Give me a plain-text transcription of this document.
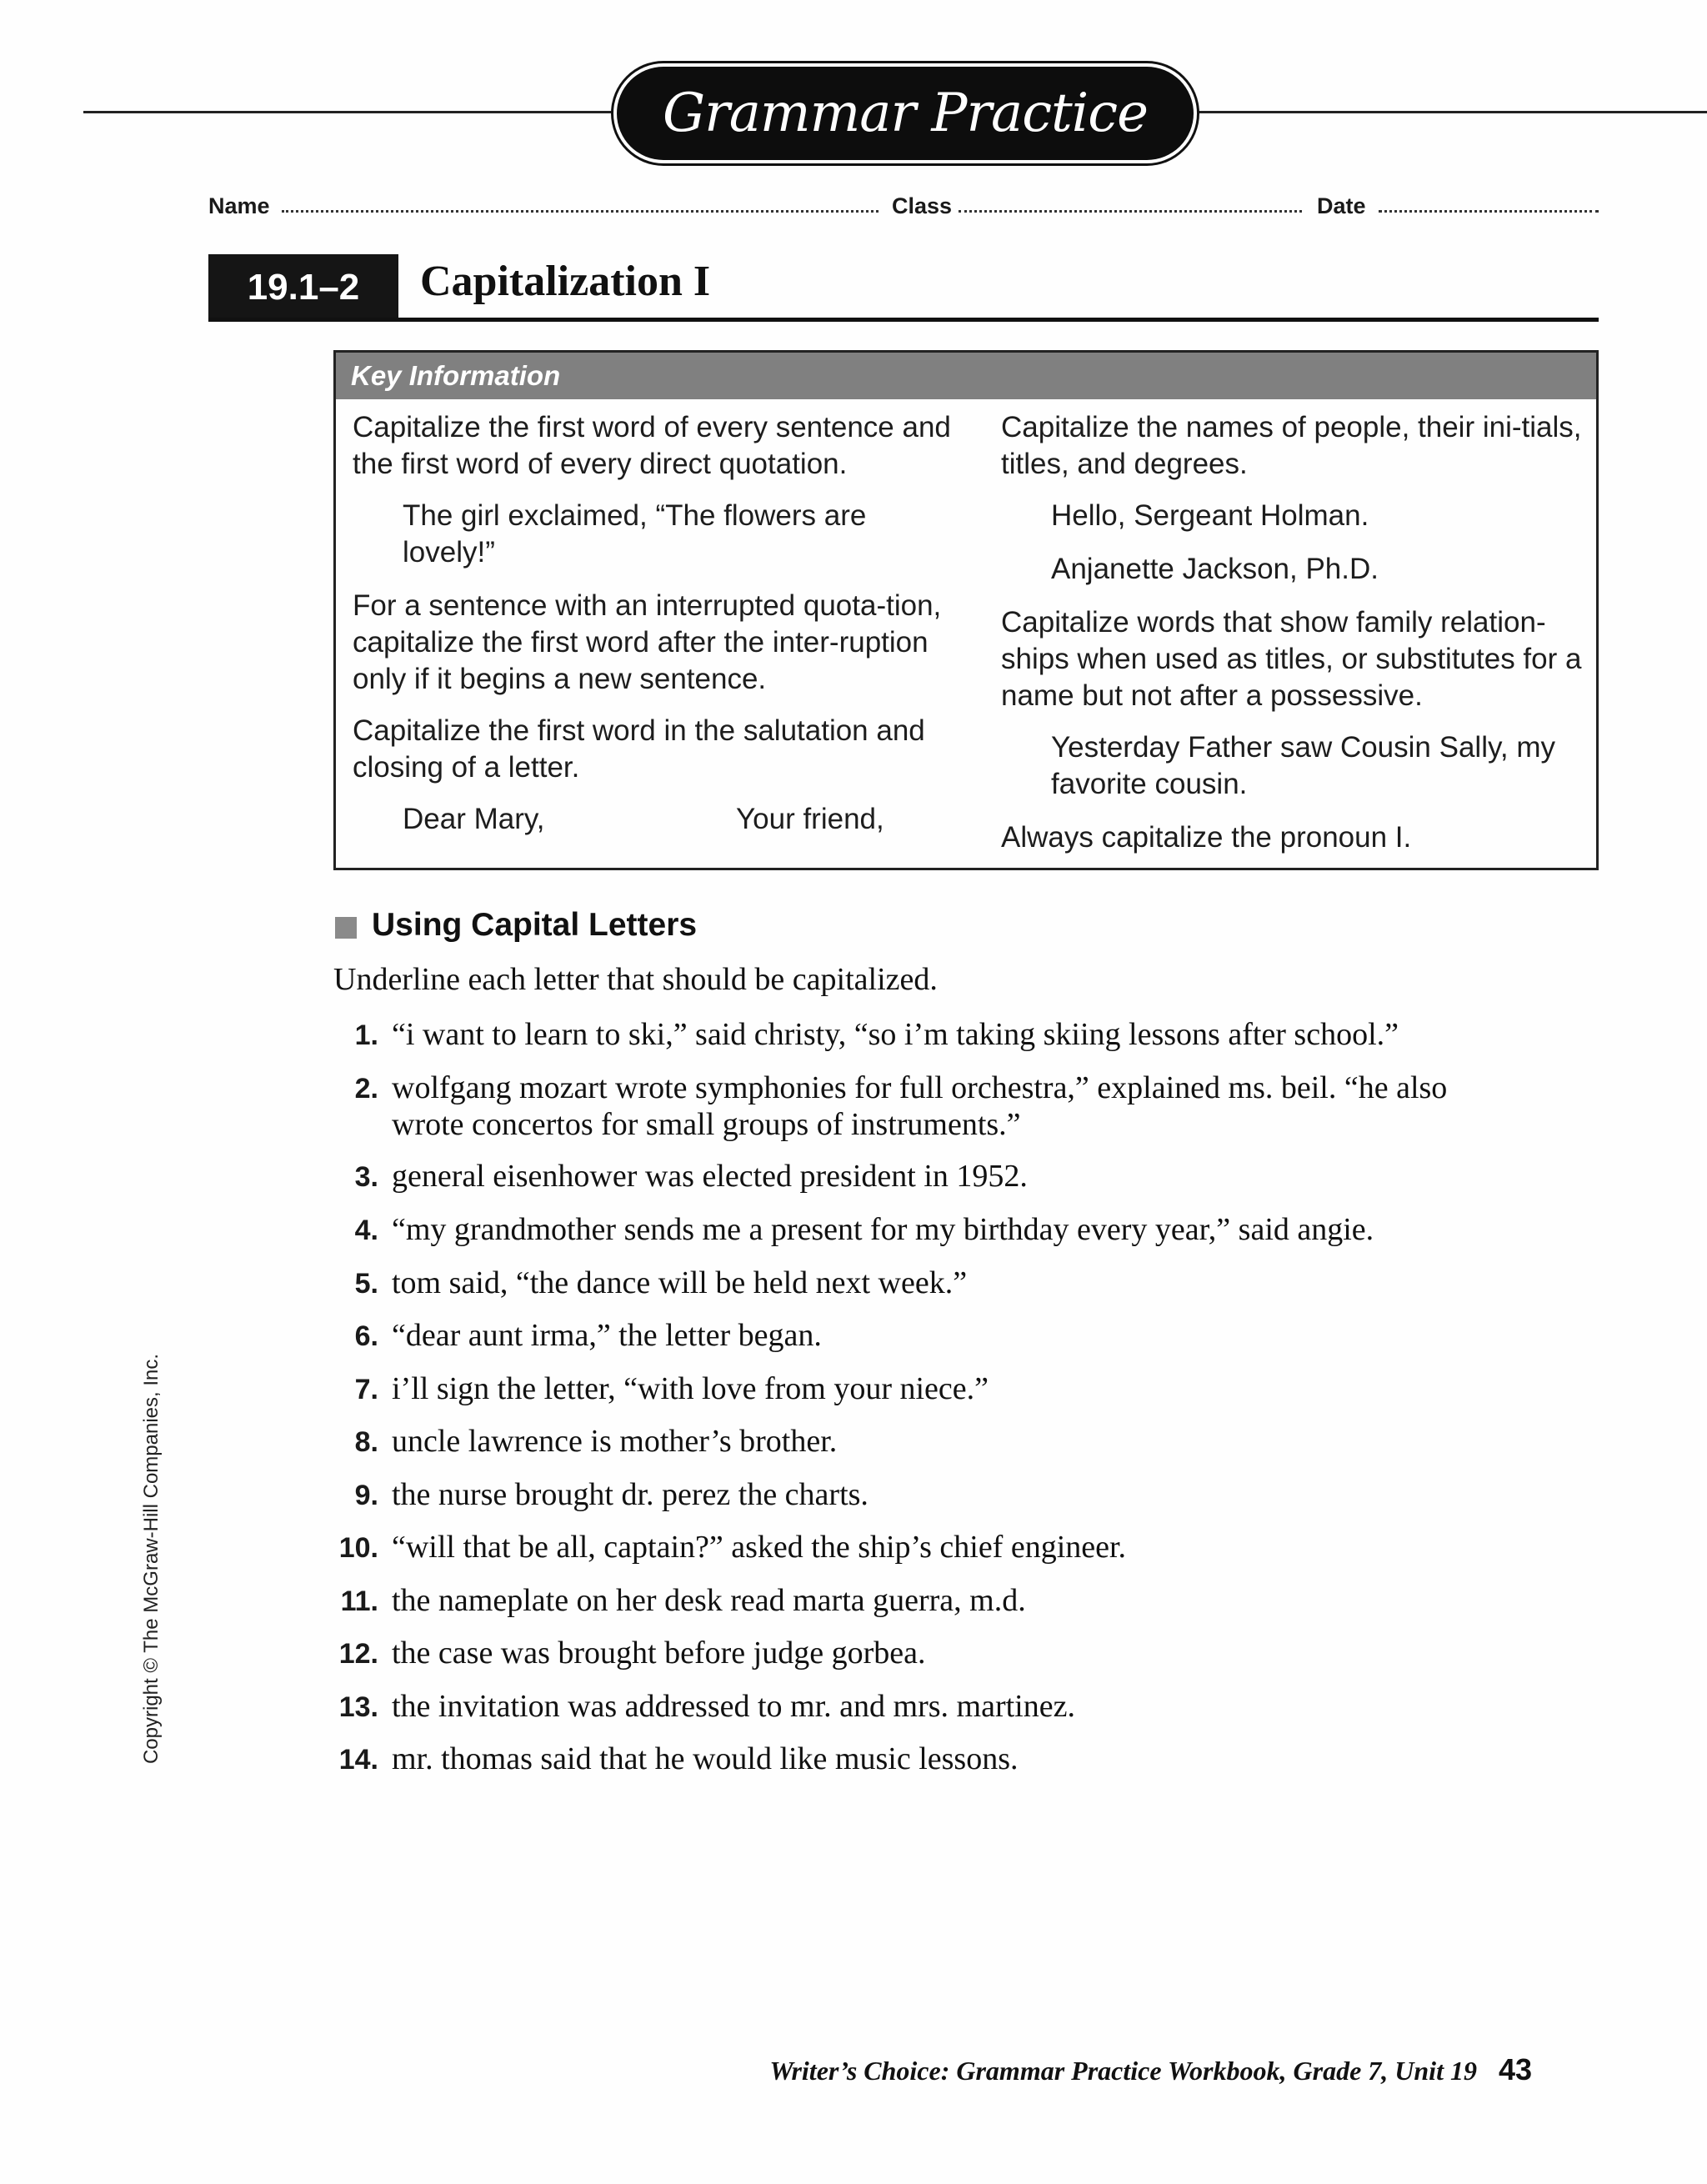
Grammar Practice
Name	Class	Date
19.1–2	Capitalization I
Key Information

Capitalize the first word of every sentence and the first word of every direct quotation.

The girl exclaimed, “The flowers are lovely!”

For a sentence with an interrupted quota-tion, capitalize the first word after the inter-ruption only if it begins a new sentence.

Capitalize the first word in the salutation and closing of a letter.

Dear Mary,	Your friend,

Capitalize the names of people, their ini-tials, titles, and degrees.

Hello, Sergeant Holman.

Anjanette Jackson, Ph.D.

Capitalize words that show family relation-ships when used as titles, or substitutes for a name but not after a possessive.

Yesterday Father saw Cousin Sally, my favorite cousin.

Always capitalize the pronoun I.

Using Capital Letters
Underline each letter that should be capitalized.
1. “i want to learn to ski,” said christy, “so i’m taking skiing lessons after school.”
2. wolfgang mozart wrote symphonies for full orchestra,” explained ms. beil. “he also wrote concertos for small groups of instruments.”
3. general eisenhower was elected president in 1952.
4. “my grandmother sends me a present for my birthday every year,” said angie.
5. tom said, “the dance will be held next week.”
6. “dear aunt irma,” the letter began.
7. i’ll sign the letter, “with love from your niece.”
8. uncle lawrence is mother’s brother.
9. the nurse brought dr. perez the charts.
10. “will that be all, captain?” asked the ship’s chief engineer.
11. the nameplate on her desk read marta guerra, m.d.
12. the case was brought before judge gorbea.
13. the invitation was addressed to mr. and mrs. martinez.
14. mr. thomas said that he would like music lessons.
Copyright © The McGraw-Hill Companies, Inc.
Writer’s Choice: Grammar Practice Workbook, Grade 7, Unit 19 43
